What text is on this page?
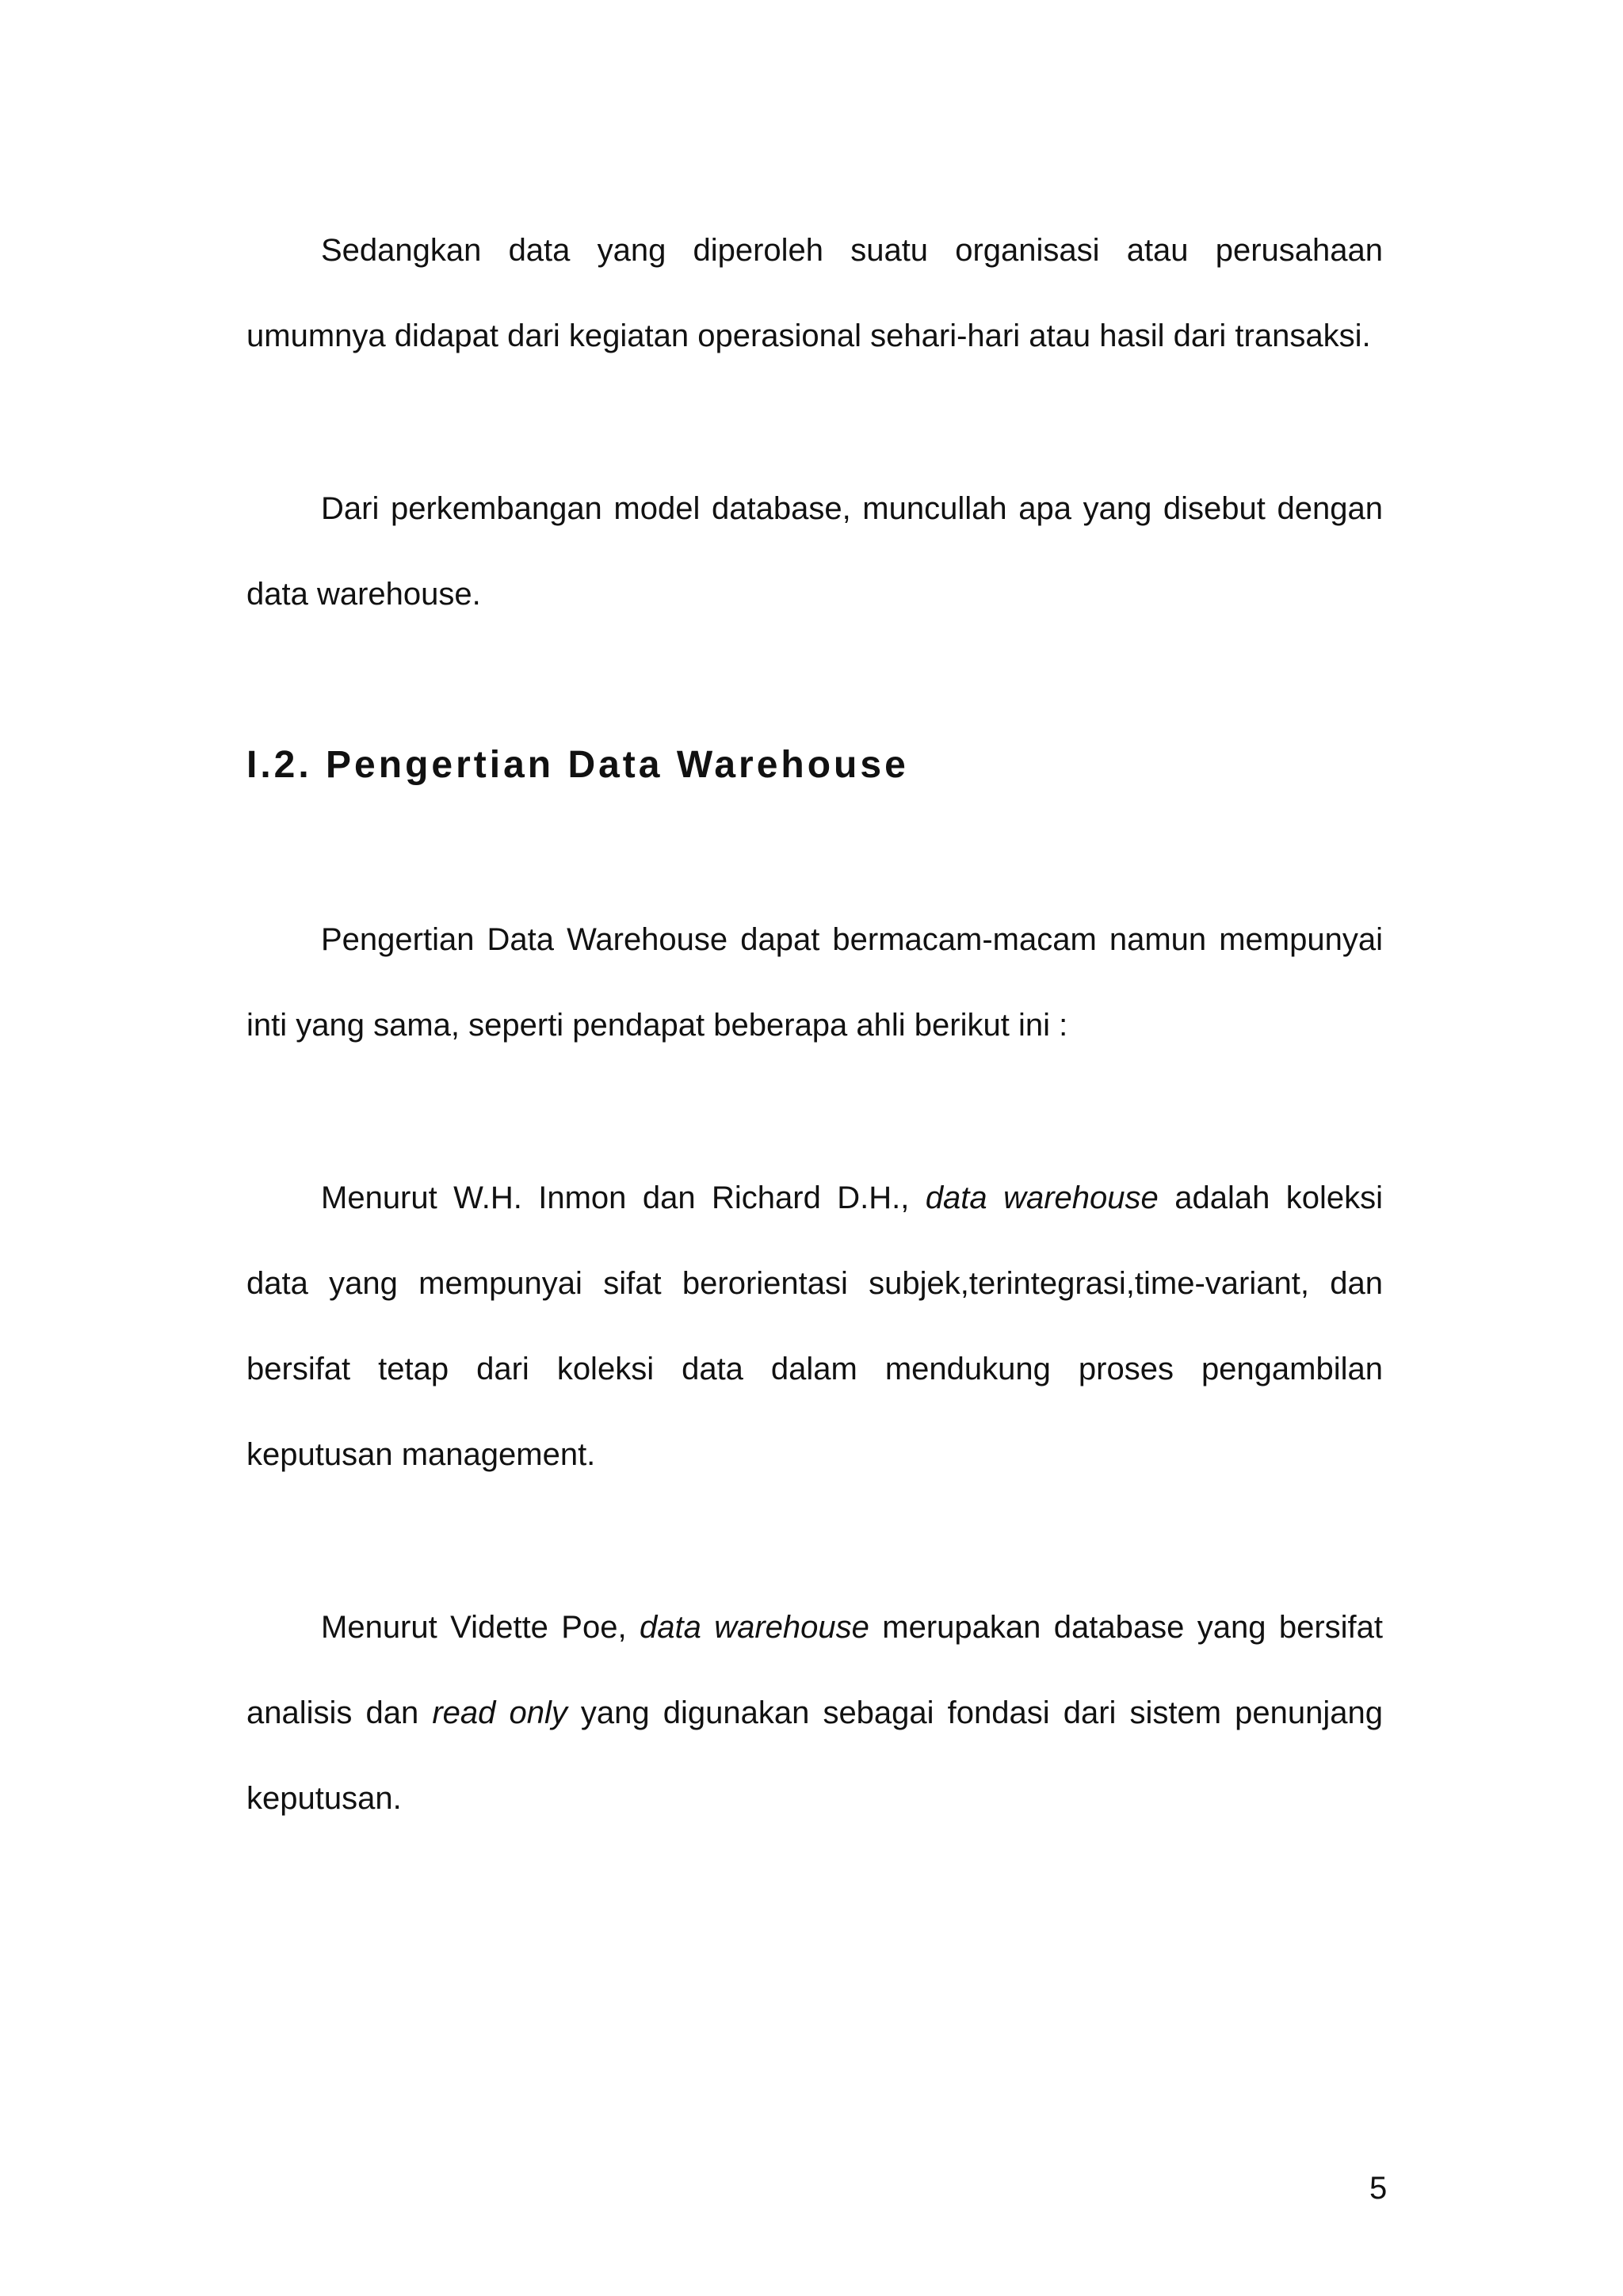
Sedangkan data yang diperoleh suatu organisasi atau perusahaan umumnya didapat dari kegiatan operasional sehari-hari atau hasil dari transaksi.

Dari perkembangan model database, muncullah apa yang disebut dengan data warehouse.

I.2. Pengertian Data Warehouse

Pengertian Data Warehouse dapat bermacam-macam namun mempunyai inti yang sama, seperti pendapat beberapa ahli berikut ini :

Menurut W.H. Inmon dan Richard D.H., data warehouse adalah koleksi data yang mempunyai sifat berorientasi subjek,terintegrasi,time-variant, dan bersifat tetap dari koleksi data dalam mendukung proses pengambilan keputusan management.

Menurut Vidette Poe, data warehouse merupakan database yang bersifat analisis dan read only yang digunakan sebagai fondasi dari sistem penunjang keputusan.

5
